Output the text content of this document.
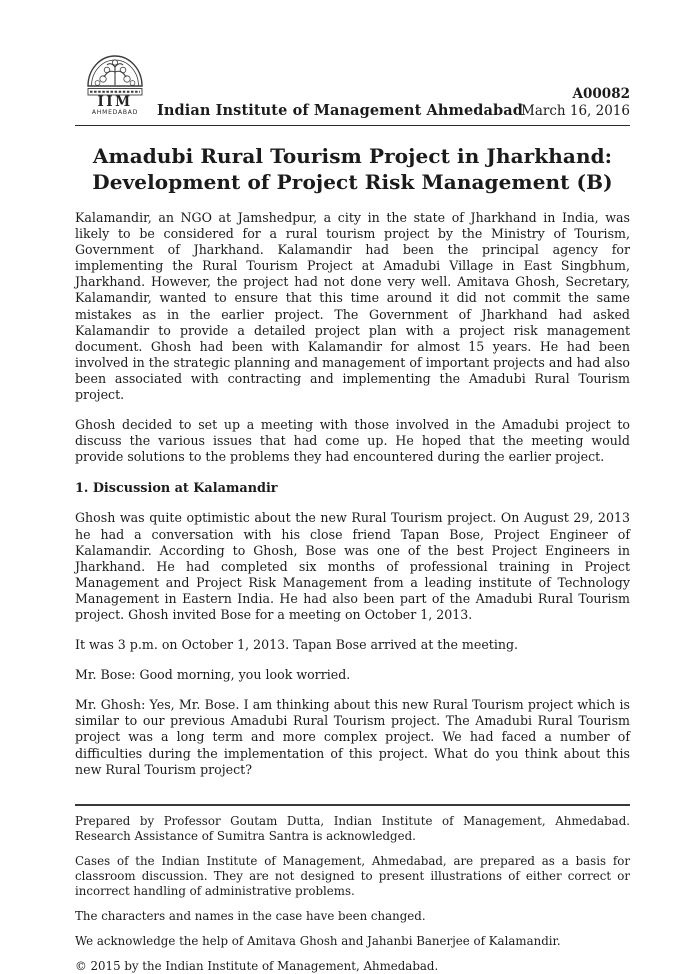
IIM
AHMEDABAD Indian Institute of Management Ahmedabad
A00082
March 16, 2016
Amadubi Rural Tourism Project in Jharkhand:
Development of Project Risk Management (B)

Kalamandir, an NGO at Jamshedpur, a city in the state of Jharkhand in India, was likely to be considered for a rural tourism project by the Ministry of Tourism, Government of Jharkhand. Kalamandir had been the principal agency for implementing the Rural Tourism Project at Amadubi Village in East Singbhum, Jharkhand. However, the project had not done very well. Amitava Ghosh, Secretary, Kalamandir, wanted to ensure that this time around it did not commit the same mistakes as in the earlier project. The Government of Jharkhand had asked Kalamandir to provide a detailed project plan with a project risk management document. Ghosh had been with Kalamandir for almost 15 years. He had been involved in the strategic planning and management of important projects and had also been associated with contracting and implementing the Amadubi Rural Tourism project.

Ghosh decided to set up a meeting with those involved in the Amadubi project to discuss the various issues that had come up. He hoped that the meeting would provide solutions to the problems they had encountered during the earlier project.

1. Discussion at Kalamandir

Ghosh was quite optimistic about the new Rural Tourism project. On August 29, 2013 he had a conversation with his close friend Tapan Bose, Project Engineer of Kalamandir. According to Ghosh, Bose was one of the best Project Engineers in Jharkhand. He had completed six months of professional training in Project Management and Project Risk Management from a leading institute of Technology Management in Eastern India. He had also been part of the Amadubi Rural Tourism project. Ghosh invited Bose for a meeting on October 1, 2013.

It was 3 p.m. on October 1, 2013. Tapan Bose arrived at the meeting.

Mr. Bose: Good morning, you look worried.

Mr. Ghosh: Yes, Mr. Bose. I am thinking about this new Rural Tourism project which is similar to our previous Amadubi Rural Tourism project. The Amadubi Rural Tourism project was a long term and more complex project. We had faced a number of difficulties during the implementation of this project. What do you think about this new Rural Tourism project?

Prepared by Professor Goutam Dutta, Indian Institute of Management, Ahmedabad. Research Assistance of Sumitra Santra is acknowledged.

Cases of the Indian Institute of Management, Ahmedabad, are prepared as a basis for classroom discussion. They are not designed to present illustrations of either correct or incorrect handling of administrative problems.

The characters and names in the case have been changed.

We acknowledge the help of Amitava Ghosh and Jahanbi Banerjee of Kalamandir.

© 2015 by the Indian Institute of Management, Ahmedabad.
